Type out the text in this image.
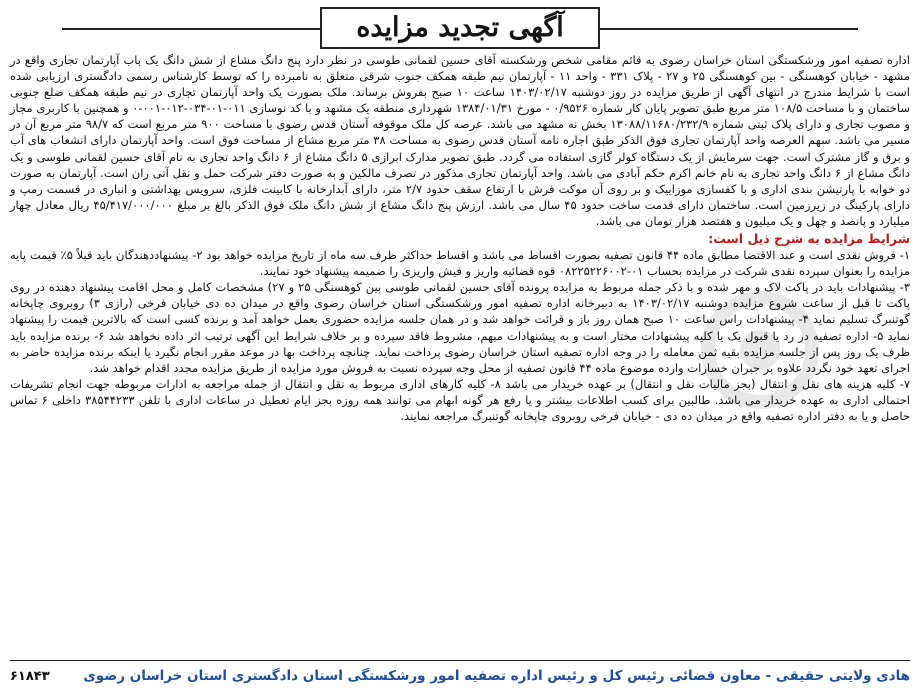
آگهی تجدید مزایده

اداره تصفیه امور ورشکستگی استان خراسان رضوی به قائم مقامی شخص ورشکسته آقای حسین لقمانی طوسی در نظر دارد پنج دانگ مشاع از شش دانگ یک باب آپارتمان تجاری واقع در مشهد - خیابان کوهسنگی - بین کوهسنگی ۲۵ و ۲۷ - پلاک ۳۳۱ - واحد ۱۱ - آپارتمان نیم طبقه همکف جنوب شرقی متعلق به نامبرده را که توسط کارشناس رسمی دادگستری ارزیابی شده است با شرایط مندرج در انتهای آگهی از طریق مزایده در روز دوشنبه ۱۴۰۳/۰۲/۱۷ ساعت ۱۰ صبح بفروش برساند. ملک بصورت یک واحد آپارتمان تجاری در نیم طبقه همکف ضلع جنوبی ساختمان و با مساحت ۱۰۸/۵ متر مربع طبق تصویر پایان کار شماره ۰/۹۵۲۶ - مورخ ۱۳۸۴/۰۱/۳۱ شهرداری منطقه یک مشهد و با کد نوسازی ۰۱۱-۰۱-۰۳۴-۰۱۲-۰۰۱-۰ و همچنین با کاربری مجاز و مصوب تجاری و دارای پلاک ثبتی شماره ۱۳۰۸۸/۱۱۶۸۰/۲۳۲/۹ بخش نه مشهد می باشد. عرصه کل ملک موقوفه آستان قدس رضوی با مساحت ۹۰۰ متر مربع است که ۹۸/۷ متر مربع آن در مسیر می باشد. سهم العرصه واحد آپارتمان تجاری فوق الذکر طبق اجاره نامه آستان قدس رضوی به مساحت ۳۸ متر مربع مشاع از مساحت فوق است. واحد آپارتمان دارای انشعاب های آب و برق و گاز مشترک است. جهت سرمایش از یک دستگاه کولر گازی استفاده می گردد. طبق تصویر مدارک ابرازی ۵ دانگ مشاع از ۶ دانگ واحد تجاری به نام آقای حسین لقمانی طوسی و یک دانگ مشاع از ۶ دانگ واحد تجاری به نام خانم اکرم حکم آبادی می باشد. واحد آپارتمان تجاری مذکور در تصرف مالکین و به صورت دفتر شرکت حمل و نقل آتی ران است. آپارتمان به صورت دو خوابه با پارتیشن بندی اداری و با کفسازی موزاییک و بر روی آن موکت فرش با ارتفاع سقف حدود ۲/۷ متر، دارای آبدارخانه با کابینت فلزی، سرویس بهداشتی و انباری در قسمت رمپ و دارای پارکینگ در زیرزمین است. ساختمان دارای قدمت ساخت حدود ۴۵ سال می باشد. ارزش پنج دانگ مشاع از شش دانگ ملک فوق الذکر بالغ بر مبلغ ۴۵/۴۱۷/۰۰۰/۰۰۰ ریال معادل چهار میلیارد و پانصد و چهل و یک میلیون و هفتصد هزار تومان می باشد.

شرایط مزایده به شرح ذیل است:

۱- فروش نقدی است و عند الاقتضا مطابق ماده ۴۴ قانون تصفیه بصورت اقساط می باشد و اقساط حداکثر ظرف سه ماه از تاریخ مزایده خواهد بود ۲- پیشنهاددهندگان باید قبلاً ۵٪ قیمت پایه مزایده را بعنوان سپرده نقدی شرکت در مزایده بحساب ۰۱-۰۸۲۲۵۲۲۶۰۰۲ قوه قضائیه واریز و فیش واریزی را ضمیمه پیشنهاد خود نمایند.

۳- پیشنهادات باید در پاکت لاک و مهر شده و با ذکر جمله مربوط به مزایده پرونده آقای حسین لقمانی طوسی بین کوهسنگی ۲۵ و ۲۷) مشخصات کامل و محل اقامت پیشنهاد دهنده در روی پاکت تا قبل از ساعت شروع مزایده دوشنبه ۱۴۰۳/۰۲/۱۷ به دبیرخانه اداره تصفیه امور ورشکستگی استان خراسان رضوی واقع در میدان ده دی خیابان فرخی (رازی ۳) روبروی چاپخانه گوتنبرگ تسلیم نماید ۴- پیشنهادات راس ساعت ۱۰ صبح همان روز باز و قرائت خواهد شد و در همان جلسه مزایده حضوری بعمل خواهد آمد و برنده کسی است که بالاترین قیمت را پیشنهاد نماید ۵- اداره تصفیه در رد یا قبول یک یا کلیه پیشنهادات مختار است و به پیشنهادات مبهم، مشروط فاقد سپرده و بر خلاف شرایط این آگهی ترتیب اثر داده نخواهد شد ۶- برنده مزایده باید ظرف یک روز پس از جلسه مزایده بقیه ثمن معامله را در وجه اداره تصفیه استان خراسان رضوی پرداخت نماید. چنانچه پرداخت بها در موعد مقرر انجام نگیرد یا اینکه برنده مزایده حاضر به اجرای تعهد خود نگردد علاوه بر جبران خسارات وارده موضوع ماده ۴۴ قانون تصفیه از محل وجه سپرده نسبت به فروش مورد مزایده از طریق مزایده مجدد اقدام خواهد شد.

۷- کلیه هزینه های نقل و انتقال (بجز مالیات نقل و انتقال) بر عهده خریدار می باشد ۸- کلیه کارهای اداری مربوط به نقل و انتقال از جمله مراجعه به ادارات مربوطه جهت انجام تشریفات احتمالی اداری به عهده خریدار می باشد. طالبین برای کسب اطلاعات بیشتر و یا رفع هر گونه ابهام می توانند همه روزه بجز ایام تعطیل در ساعات اداری با تلفن ۳۸۵۴۴۲۳۳ داخلی ۶ تماس حاصل و یا به دفتر اداره تصفیه واقع در میدان ده دی - خیابان فرخی روبروی چاپخانه گوتنبرگ مراجعه نمایند.

هادی ولایتی حقیقی - معاون قضائی رئیس کل و رئیس اداره تصفیه امور ورشکستگی استان دادگستری استان خراسان رضوی
۶۱۸۴۳
